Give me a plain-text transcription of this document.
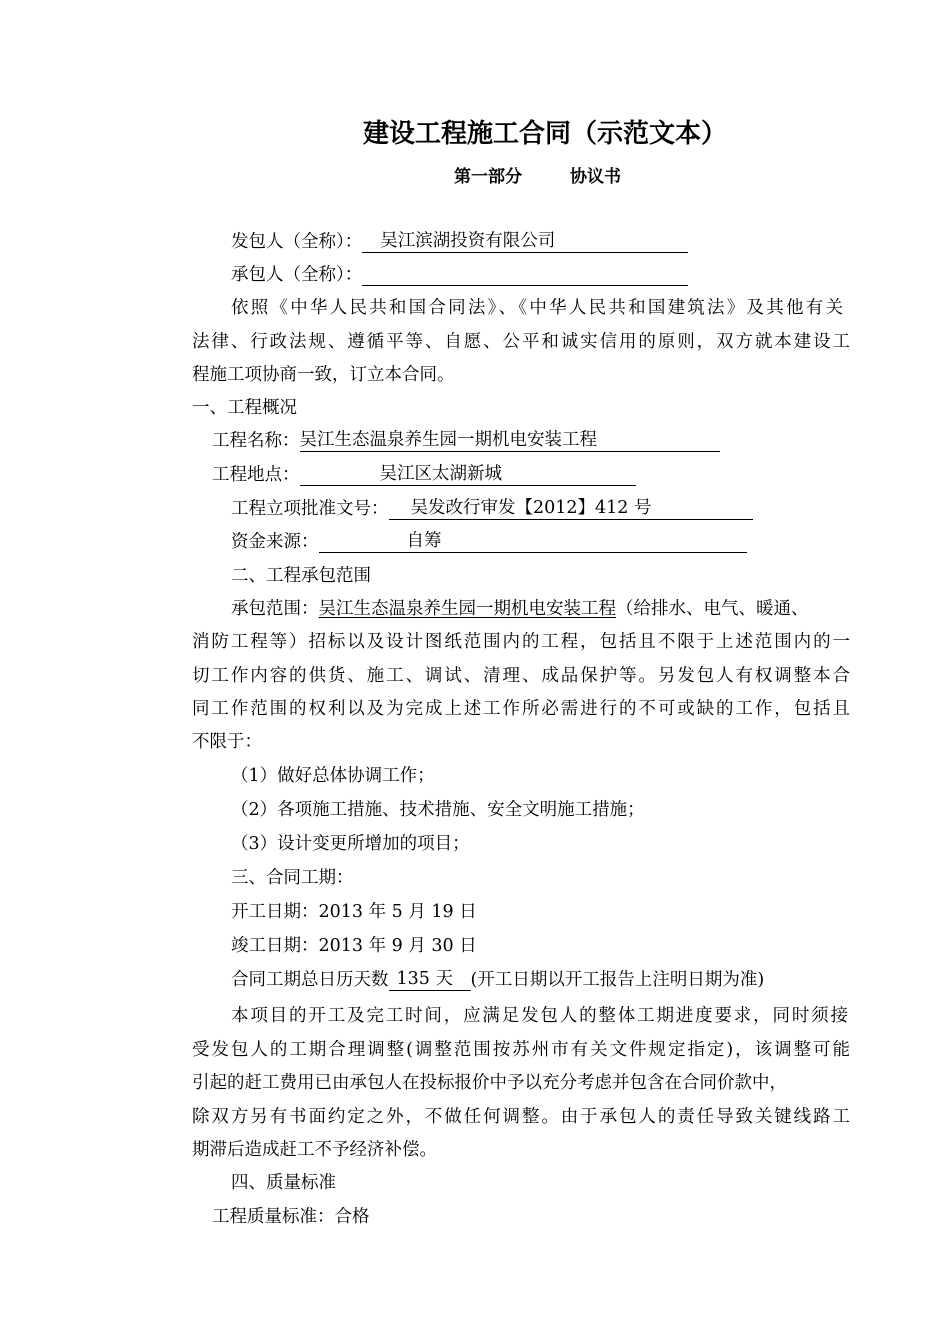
建设工程施工合同（示范文本）
第一部分	协议书
发包人（全称）： 吴江滨湖投资有限公司
承包人（全称）：
依照《中华人民共和国合同法》、《中华人民共和国建筑法》及其他有关
法律、行政法规、遵循平等、自愿、公平和诚实信用的原则，双方就本建设工
程施工项协商一致，订立本合同。
一、工程概况
工程名称：吴江生态温泉养生园一期机电安装工程
工程地点：	吴江区太湖新城
工程立项批准文号： 吴发改行审发【2012】412 号
资金来源：	自筹
二、工程承包范围
承包范围：吴江生态温泉养生园一期机电安装工程（给排水、电气、暖通、
消防工程等）招标以及设计图纸范围内的工程，包括且不限于上述范围内的一
切工作内容的供货、施工、调试、清理、成品保护等。另发包人有权调整本合
同工作范围的权利以及为完成上述工作所必需进行的不可或缺的工作，包括且
不限于：
（1）做好总体协调工作；
（2）各项施工措施、技术措施、安全文明施工措施；
（3）设计变更所增加的项目；
三、合同工期：
开工日期：2013 年 5 月 19 日
竣工日期：2013 年 9 月 30 日
合同工期总日历天数 135 天 (开工日期以开工报告上注明日期为准)
本项目的开工及完工时间，应满足发包人的整体工期进度要求，同时须接
受发包人的工期合理调整(调整范围按苏州市有关文件规定指定)，该调整可能
引起的赶工费用已由承包人在投标报价中予以充分考虑并包含在合同价款中，
除双方另有书面约定之外，不做任何调整。由于承包人的责任导致关键线路工
期滞后造成赶工不予经济补偿。
四、质量标准
工程质量标准：合格
